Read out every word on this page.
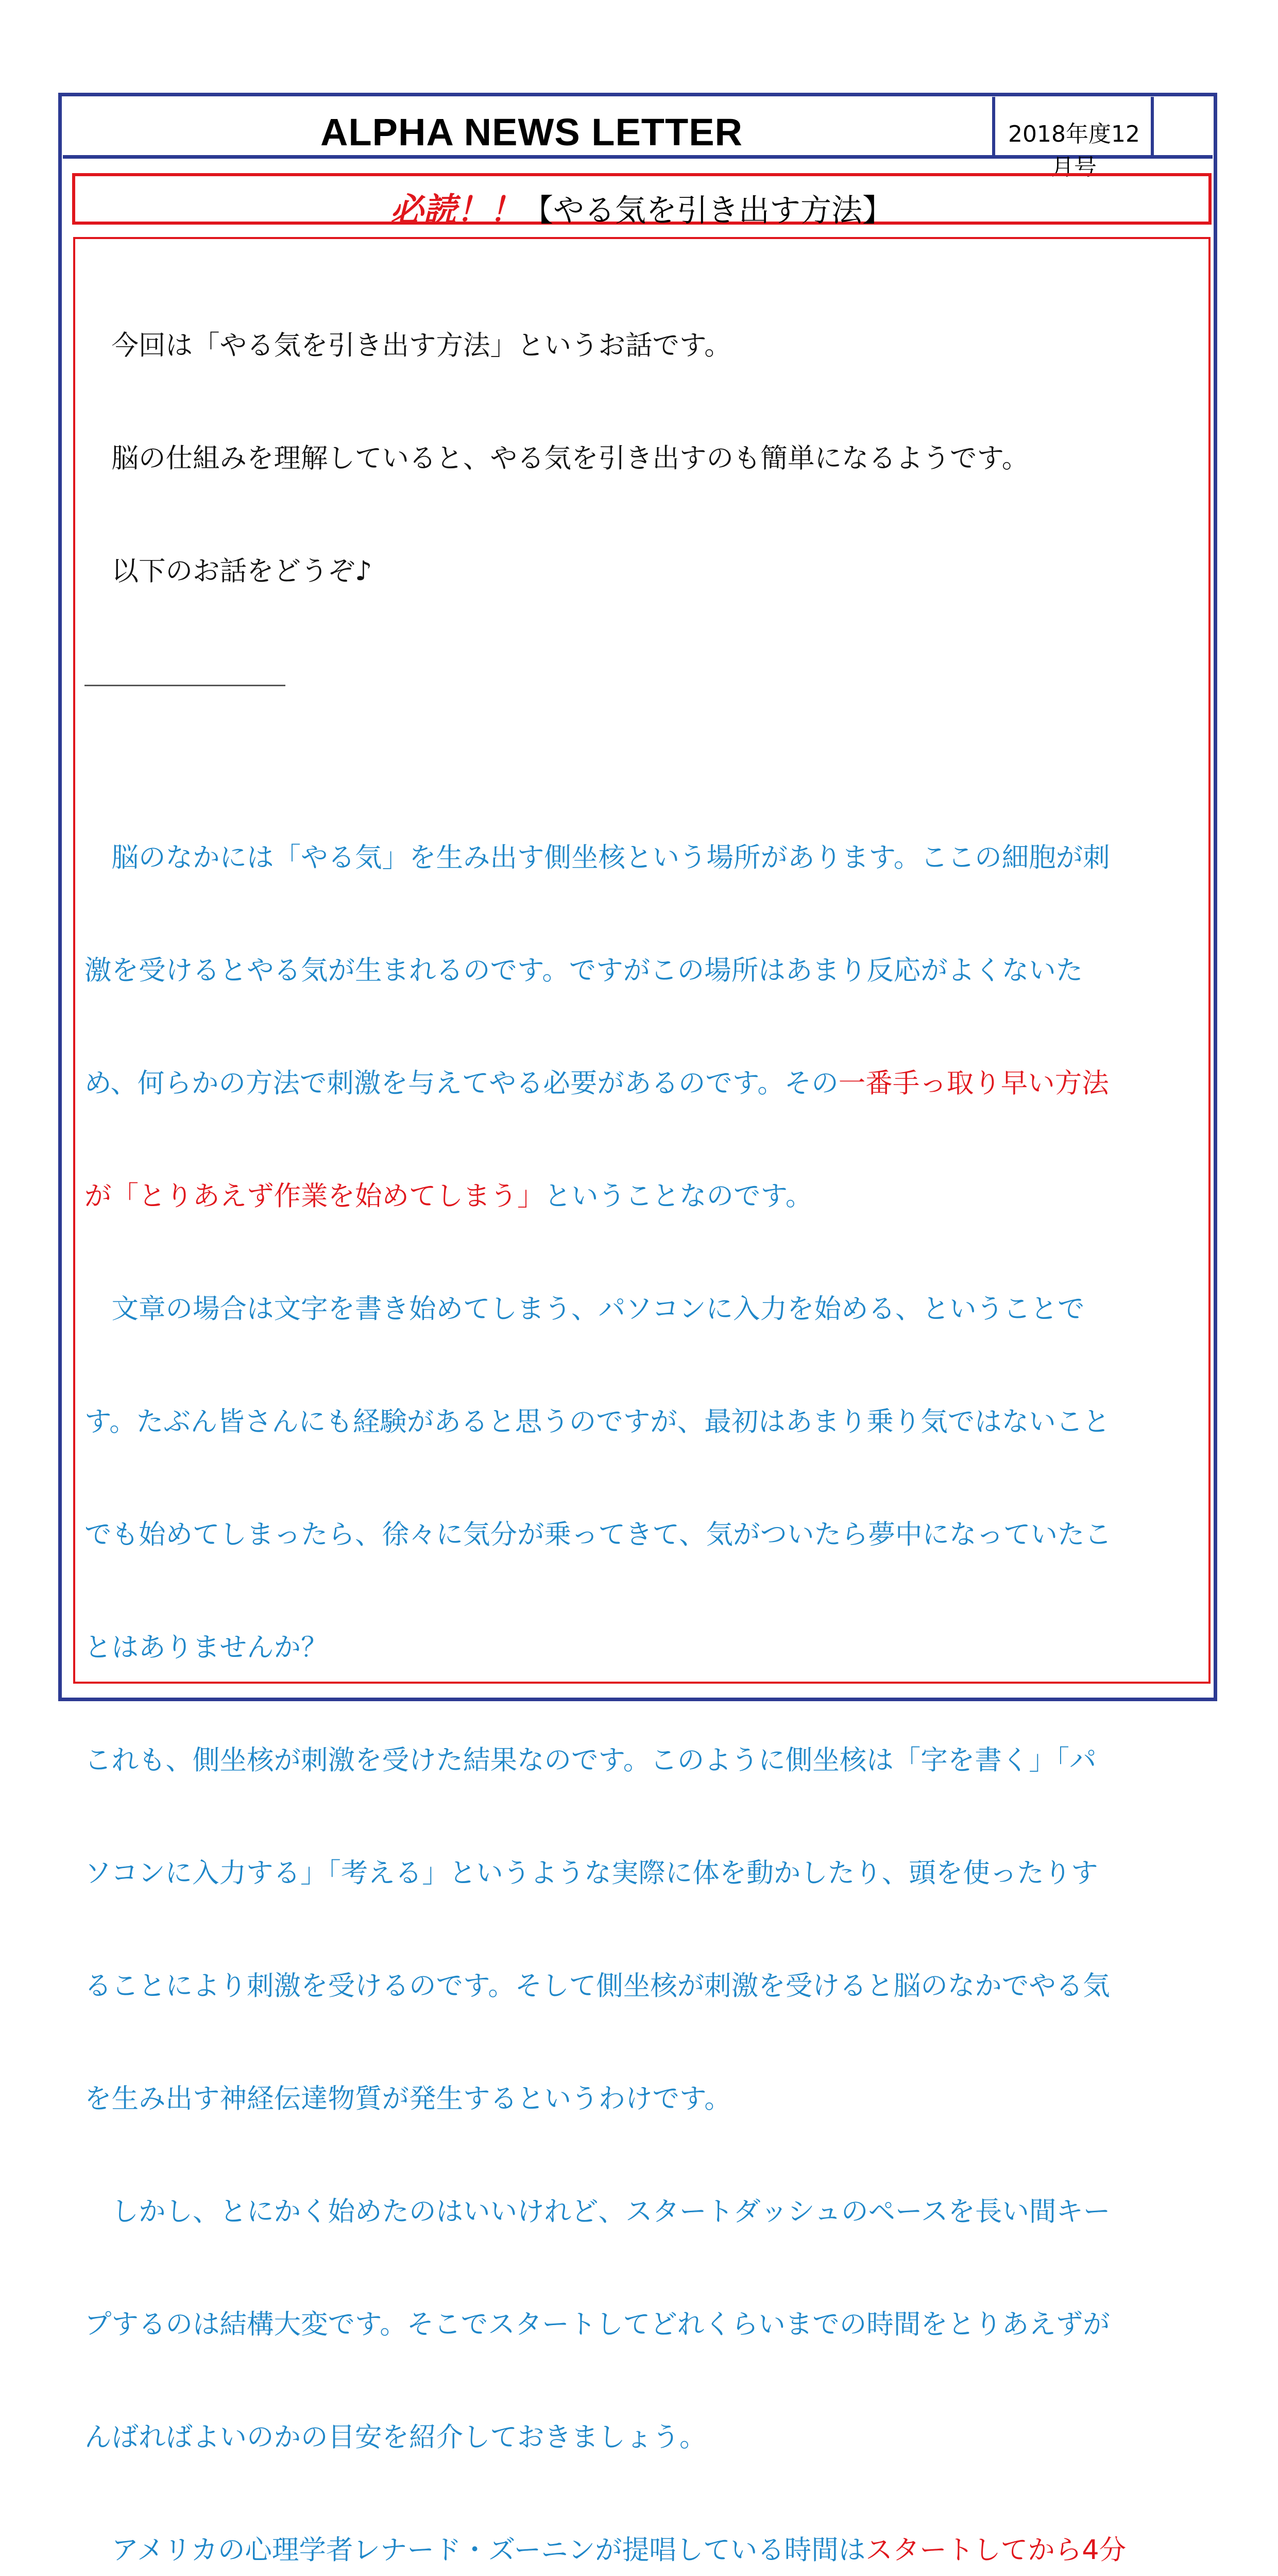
ALPHA NEWS LETTER	2018年度12月号
必読！！【やる気を引き出す方法】

　今回は「やる気を引き出す方法」というお話です。

　脳の仕組みを理解していると、やる気を引き出すのも簡単になるようです。

　以下のお話をどうぞ♪

　脳のなかには「やる気」を生み出す側坐核という場所があります。ここの細胞が刺

激を受けるとやる気が生まれるのです。ですがこの場所はあまり反応がよくないた

め、何らかの方法で刺激を与えてやる必要があるのです。その一番手っ取り早い方法

が「とりあえず作業を始めてしまう」ということなのです。

　文章の場合は文字を書き始めてしまう、パソコンに入力を始める、ということで

す。たぶん皆さんにも経験があると思うのですが、最初はあまり乗り気ではないこと

でも始めてしまったら、徐々に気分が乗ってきて、気がついたら夢中になっていたこ

とはありませんか？

これも、側坐核が刺激を受けた結果なのです。このように側坐核は「字を書く」「パ

ソコンに入力する」「考える」というような実際に体を動かしたり、頭を使ったりす

ることにより刺激を受けるのです。そして側坐核が刺激を受けると脳のなかでやる気

を生み出す神経伝達物質が発生するというわけです。

　しかし、とにかく始めたのはいいけれど、スタートダッシュのペースを長い間キー

プするのは結構大変です。そこでスタートしてどれくらいまでの時間をとりあえずが

んばればよいのかの目安を紹介しておきましょう。

　アメリカの心理学者レナード・ズーニンが提唱している時間はスタートしてから4分
